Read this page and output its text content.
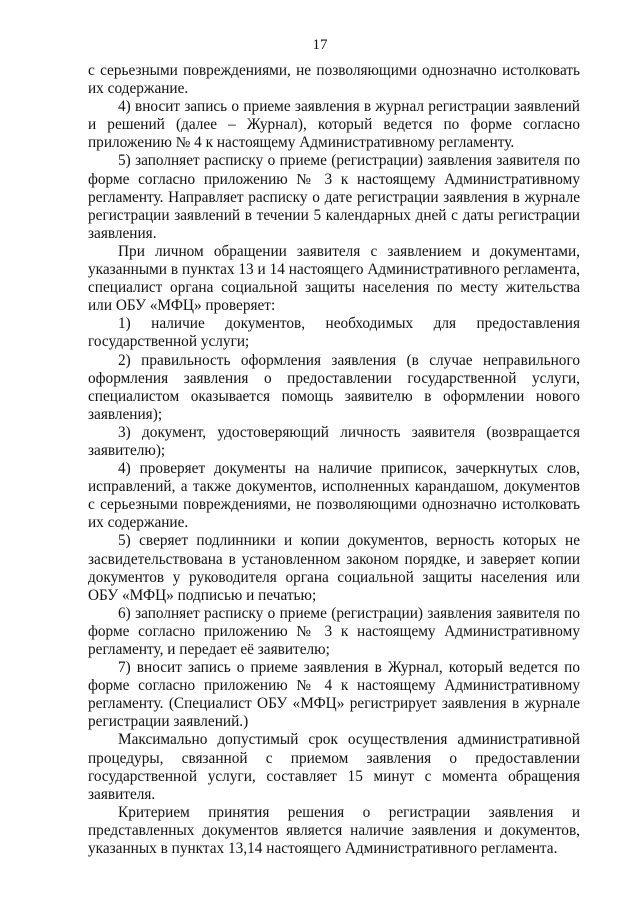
17

с серьезными повреждениями, не позволяющими однозначно истолковать их содержание.

4) вносит запись о приеме заявления в журнал регистрации заявлений и решений (далее – Журнал), который ведется по форме согласно приложению № 4 к настоящему Административному регламенту.

5) заполняет расписку о приеме (регистрации) заявления заявителя по форме согласно приложению № 3 к настоящему Административному регламенту. Направляет расписку о дате регистрации заявления в журнале регистрации заявлений в течении 5 календарных дней с даты регистрации заявления.

При личном обращении заявителя с заявлением и документами, указанными в пунктах 13 и 14 настоящего Административного регламента, специалист органа социальной защиты населения по месту жительства или ОБУ «МФЦ» проверяет:

1) наличие документов, необходимых для предоставления государственной услуги;

2) правильность оформления заявления (в случае неправильного оформления заявления о предоставлении государственной услуги, специалистом оказывается помощь заявителю в оформлении нового заявления);

3) документ, удостоверяющий личность заявителя (возвращается заявителю);

4) проверяет документы на наличие приписок, зачеркнутых слов, исправлений, а также документов, исполненных карандашом, документов с серьезными повреждениями, не позволяющими однозначно истолковать их содержание.

5) сверяет подлинники и копии документов, верность которых не засвидетельствована в установленном законом порядке, и заверяет копии документов у руководителя органа социальной защиты населения или ОБУ «МФЦ» подписью и печатью;

6) заполняет расписку о приеме (регистрации) заявления заявителя по форме согласно приложению № 3 к настоящему Административному регламенту, и передает её заявителю;

7) вносит запись о приеме заявления в Журнал, который ведется по форме согласно приложению № 4 к настоящему Административному регламенту. (Специалист ОБУ «МФЦ» регистрирует заявления в журнале регистрации заявлений.)

Максимально допустимый срок осуществления административной процедуры, связанной с приемом заявления о предоставлении государственной услуги, составляет 15 минут с момента обращения заявителя.

Критерием принятия решения о регистрации заявления и представленных документов является наличие заявления и документов, указанных в пунктах 13,14 настоящего Административного регламента.
